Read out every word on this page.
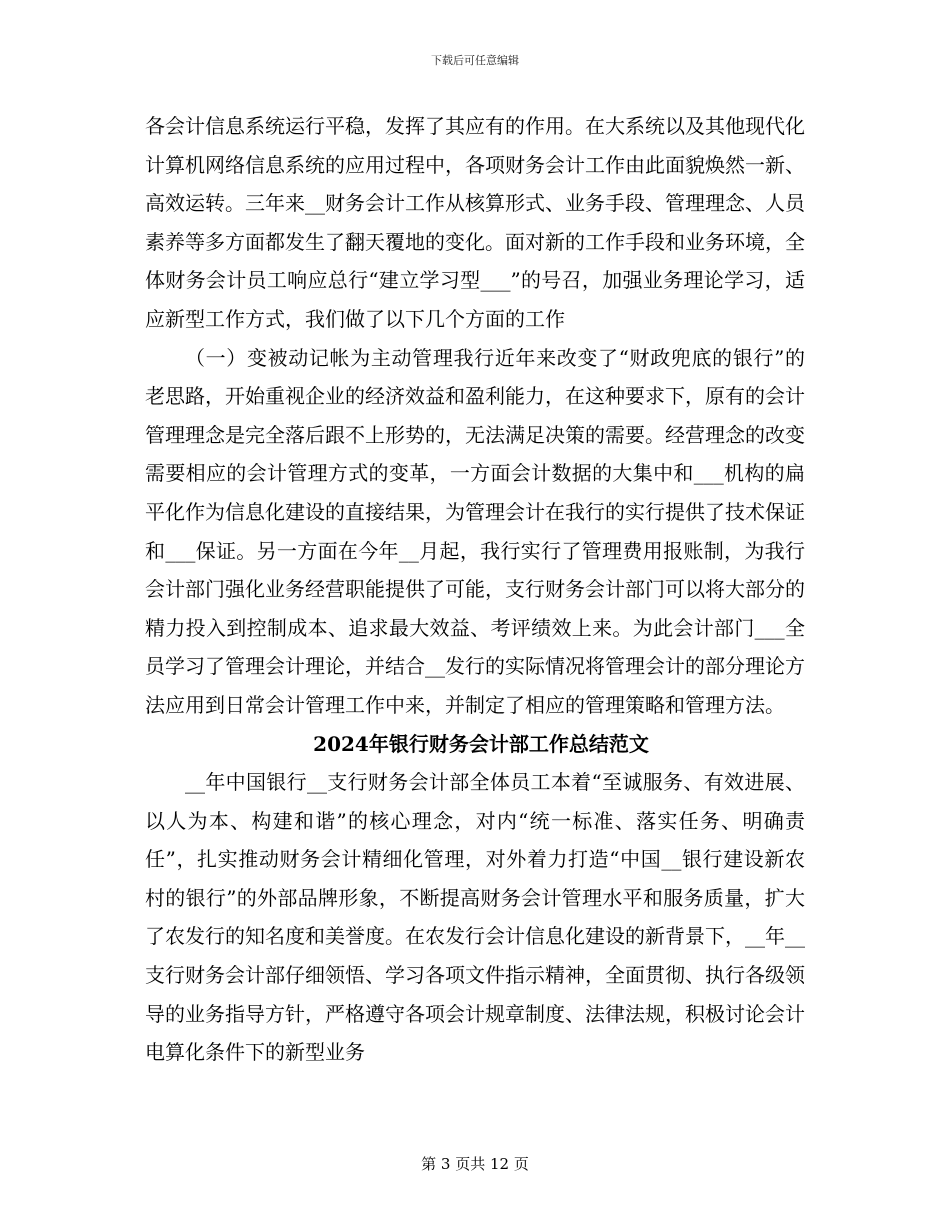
下载后可任意编辑

各会计信息系统运行平稳，发挥了其应有的作用。在大系统以及其他现代化计算机网络信息系统的应用过程中，各项财务会计工作由此面貌焕然一新、高效运转。三年来__财务会计工作从核算形式、业务手段、管理理念、人员素养等多方面都发生了翻天覆地的变化。面对新的工作手段和业务环境，全体财务会计员工响应总行“建立学习型___”的号召，加强业务理论学习，适应新型工作方式，我们做了以下几个方面的工作

（一）变被动记帐为主动管理我行近年来改变了“财政兜底的银行”的老思路，开始重视企业的经济效益和盈利能力，在这种要求下，原有的会计管理理念是完全落后跟不上形势的，无法满足决策的需要。经营理念的改变需要相应的会计管理方式的变革，一方面会计数据的大集中和___机构的扁平化作为信息化建设的直接结果，为管理会计在我行的实行提供了技术保证和___保证。另一方面在今年__月起，我行实行了管理费用报账制，为我行会计部门强化业务经营职能提供了可能，支行财务会计部门可以将大部分的精力投入到控制成本、追求最大效益、考评绩效上来。为此会计部门___全员学习了管理会计理论，并结合__发行的实际情况将管理会计的部分理论方法应用到日常会计管理工作中来，并制定了相应的管理策略和管理方法。

2024年银行财务会计部工作总结范文

__年中国银行__支行财务会计部全体员工本着“至诚服务、有效进展、以人为本、构建和谐”的核心理念，对内“统一标准、落实任务、明确责任”，扎实推动财务会计精细化管理，对外着力打造“中国__银行建设新农村的银行”的外部品牌形象，不断提高财务会计管理水平和服务质量，扩大了农发行的知名度和美誉度。在农发行会计信息化建设的新背景下，__年__支行财务会计部仔细领悟、学习各项文件指示精神，全面贯彻、执行各级领导的业务指导方针，严格遵守各项会计规章制度、法律法规，积极讨论会计电算化条件下的新型业务

第 3 页共 12 页
